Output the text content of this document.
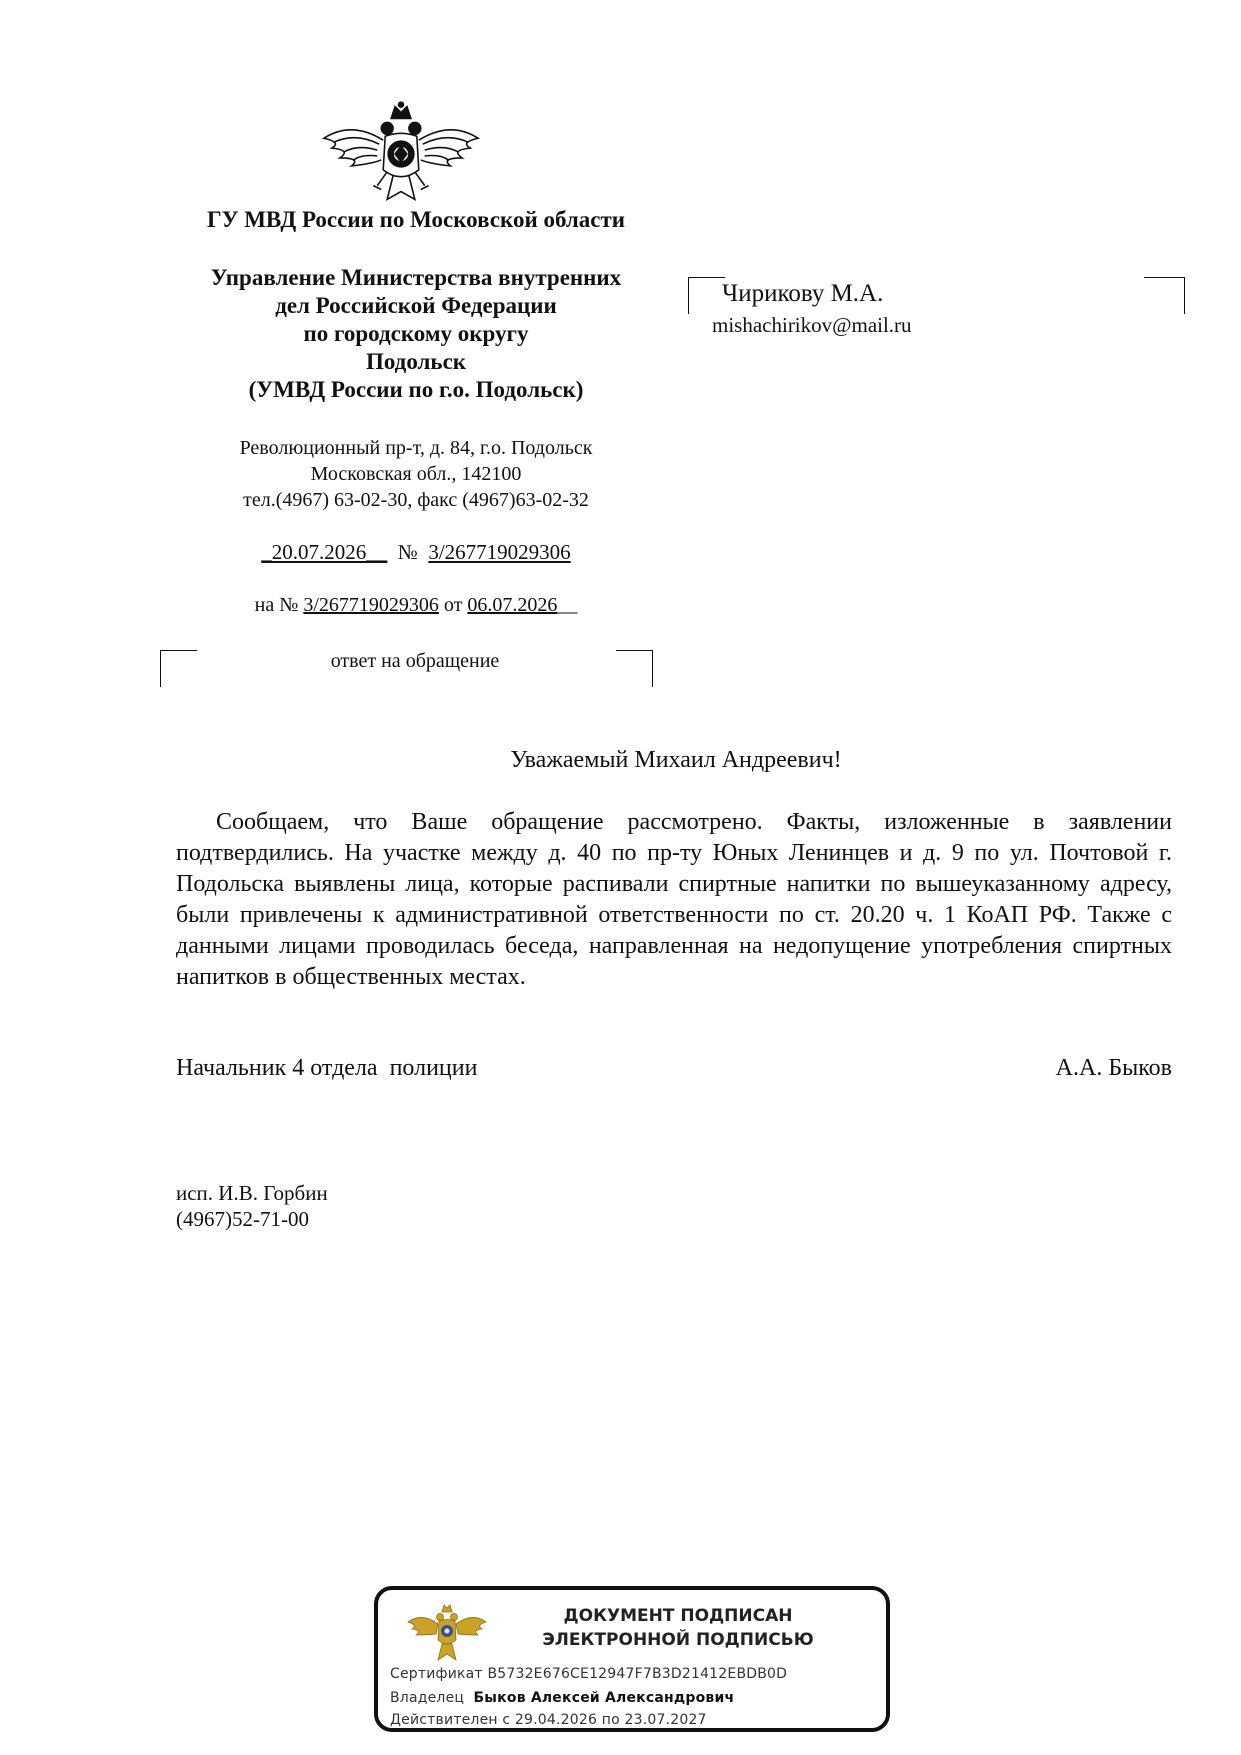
ГУ МВД России по Московской области
Управление Министерства внутренних
дел Российской Федерации
по городскому округу
Подольск
(УМВД России по г.о. Подольск)
Революционный пр-т, д. 84, г.о. Подольск
Московская обл., 142100
тел.(4967) 63-02-30, факс (4967)63-02-32
_20.07.2026__ № 3/267719029306
на № 3/267719029306 от 06.07.2026__
ответ на обращение
Чирикову М.А.
mishachirikov@mail.ru
Уважаемый Михаил Андреевич!
Сообщаем, что Ваше обращение рассмотрено. Факты, изложенные в заявлении подтвердились. На участке между д. 40 по пр-ту Юных Ленинцев и д. 9 по ул. Почтовой г. Подольска выявлены лица, которые распивали спиртные напитки по вышеуказанному адресу, были привлечены к административной ответственности по ст. 20.20 ч. 1 КоАП РФ. Также с данными лицами проводилась беседа, направленная на недопущение употребления спиртных напитков в общественных местах.
Начальник 4 отдела  полиции	А.А. Быков
исп. И.В. Горбин
(4967)52-71-00
ДОКУМЕНТ ПОДПИСАН
ЭЛЕКТРОННОЙ ПОДПИСЬЮ
Сертификат B5732E676CE12947F7B3D21412EBDB0D
Владелец Быков Алексей Александрович
Действителен с 29.04.2026 по 23.07.2027
